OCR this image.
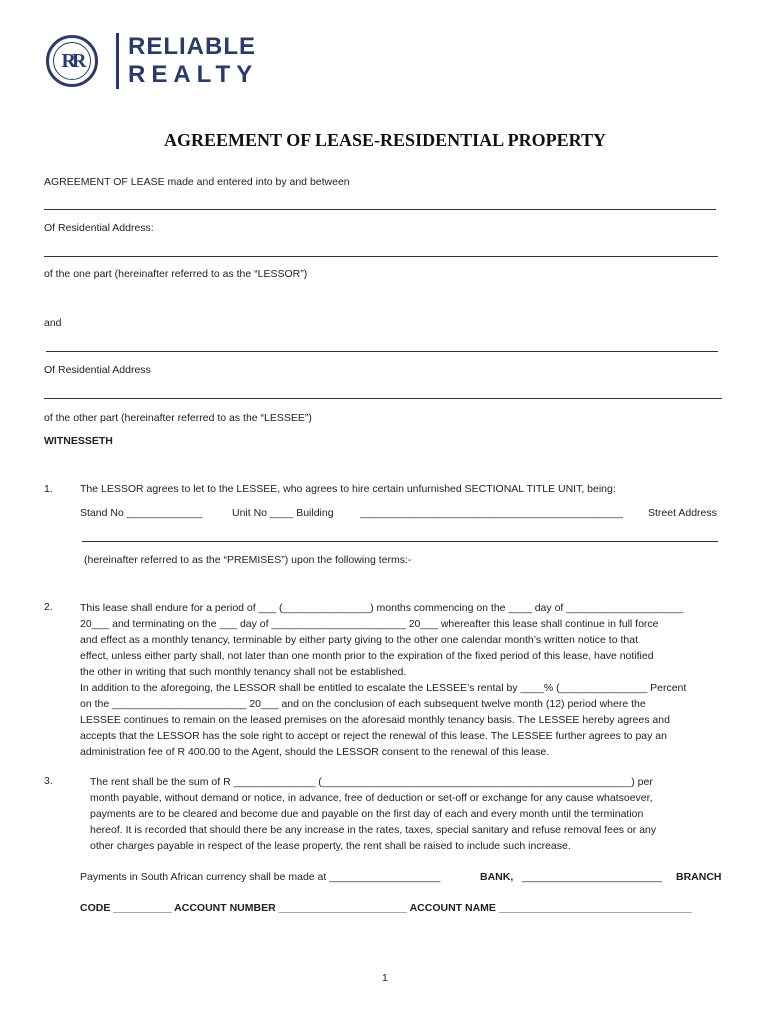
RR
RELIABLE
REALTY
AGREEMENT OF LEASE-RESIDENTIAL PROPERTY
AGREEMENT OF LEASE made and entered into by and between
Of Residential Address:
of the one part (hereinafter referred to as the “LESSOR”)
and
Of Residential Address
of the other part (hereinafter referred to as the “LESSEE”)
WITNESSETH
1.	The LESSOR agrees to let to the LESSEE, who agrees to hire certain unfurnished SECTIONAL TITLE UNIT, being:
Stand No _____________	Unit No ____ Building	_____________________________________________ Street Address
(hereinafter referred to as the “PREMISES”) upon the following terms:-
2.	This lease shall endure for a period of ___ (_______________) months commencing on the ____ day of ____________________

20___ and terminating on the ___ day of _______________________ 20___ whereafter this lease shall continue in full force

and effect as a monthly tenancy, terminable by either party giving to the other one calendar month’s written notice to that

effect, unless either party shall, not later than one month prior to the expiration of the fixed period of this lease, have notified

the other in writing that such monthly tenancy shall not be established.

In addition to the aforegoing, the LESSOR shall be entitled to escalate the LESSEE’s rental by ____% (_______________ Percent

on the _______________________ 20___ and on the conclusion of each subsequent twelve month (12) period where the

LESSEE continues to remain on the leased premises on the aforesaid monthly tenancy basis. The LESSEE hereby agrees and

accepts that the LESSOR has the sole right to accept or reject the renewal of this lease. The LESSEE further agrees to pay an

administration fee of R 400.00 to the Agent, should the LESSOR consent to the renewal of this lease.

3.	The rent shall be the sum of R ______________ (_____________________________________________________) per

month payable, without demand or notice, in advance, free of deduction or set-off or exchange for any cause whatsoever,

payments are to be cleared and become due and payable on the first day of each and every month until the termination

hereof. It is recorded that should there be any increase in the rates, taxes, special sanitary and refuse removal fees or any

other charges payable in respect of the lease property, the rent shall be raised to include such increase.

Payments in South African currency shall be made at ___________________	BANK, ________________________ BRANCH
CODE __________ ACCOUNT NUMBER ______________________ ACCOUNT NAME _________________________________
1
